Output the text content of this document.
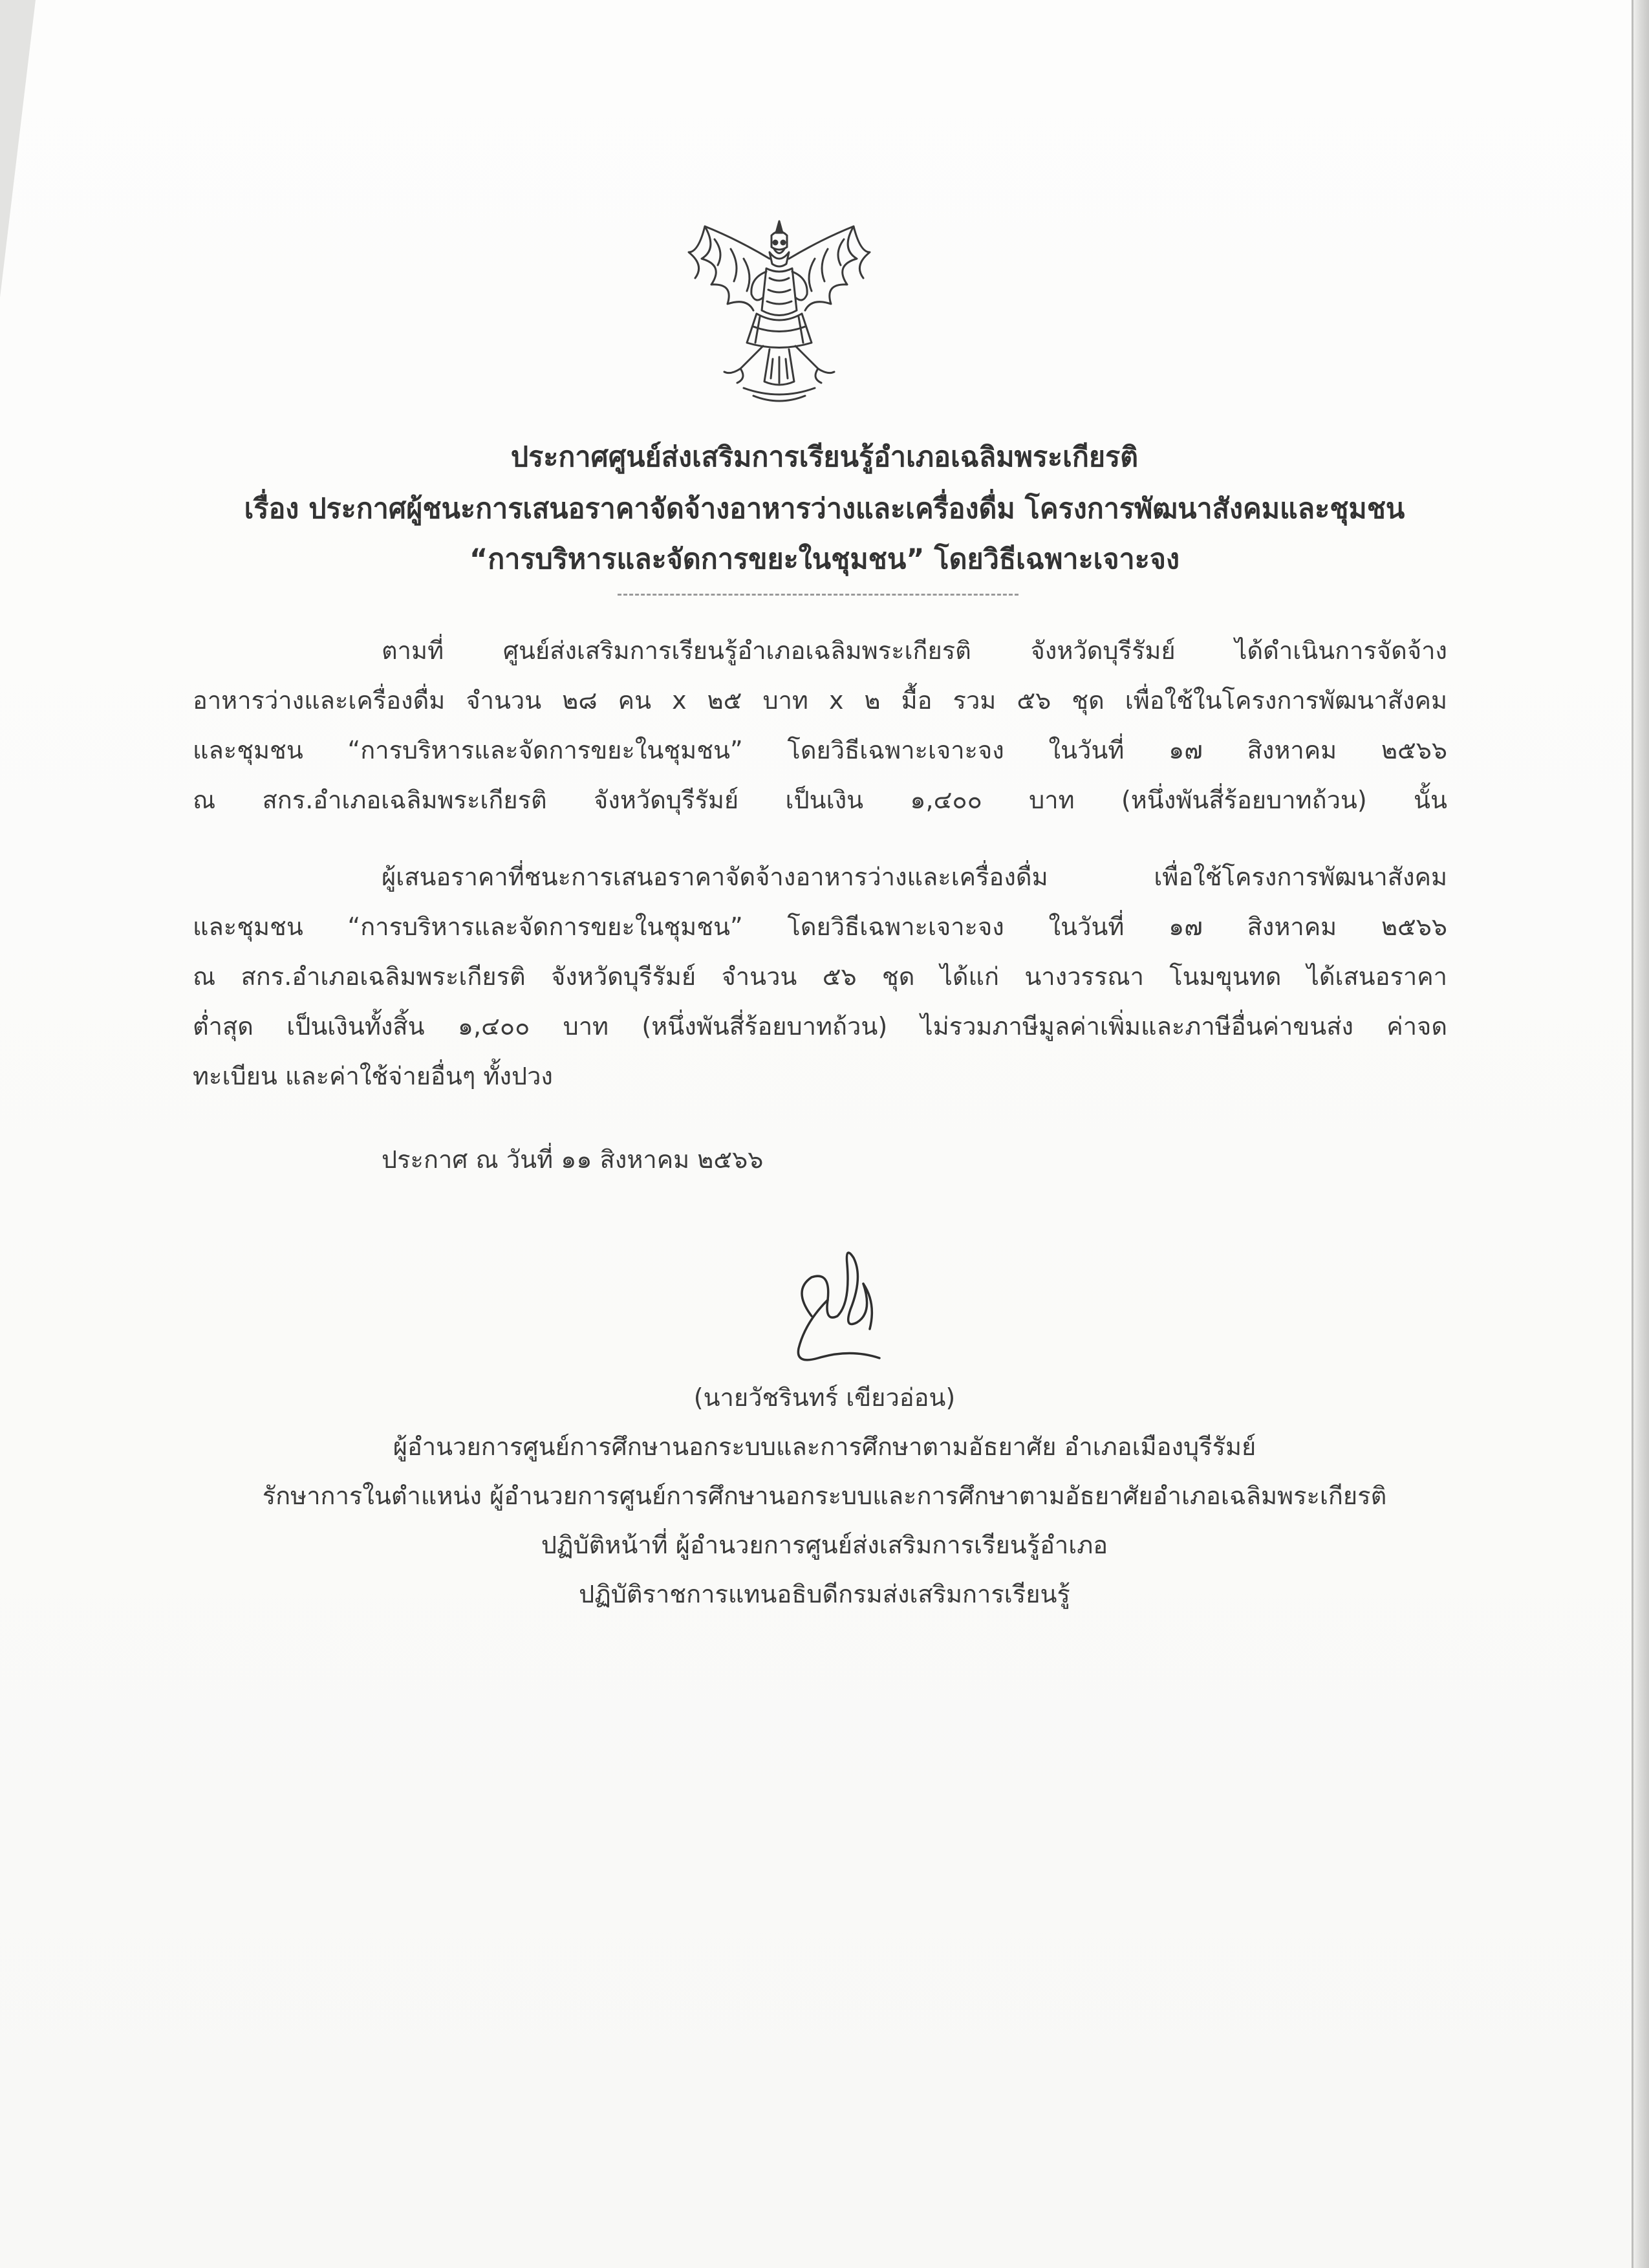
ประกาศศูนย์ส่งเสริมการเรียนรู้อำเภอเฉลิมพระเกียรติ
เรื่อง ประกาศผู้ชนะการเสนอราคาจัดจ้างอาหารว่างและเครื่องดื่ม โครงการพัฒนาสังคมและชุมชน
“การบริหารและจัดการขยะในชุมชน” โดยวิธีเฉพาะเจาะจง
ตามที่ ศูนย์ส่งเสริมการเรียนรู้อำเภอเฉลิมพระเกียรติ จังหวัดบุรีรัมย์ ได้ดำเนินการจัดจ้าง
อาหารว่างและเครื่องดื่ม จำนวน ๒๘ คน x ๒๕ บาท x ๒ มื้อ รวม ๕๖ ชุด เพื่อใช้ในโครงการพัฒนาสังคม
และชุมชน “การบริหารและจัดการขยะในชุมชน” โดยวิธีเฉพาะเจาะจง ในวันที่ ๑๗ สิงหาคม ๒๕๖๖
ณ สกร.อำเภอเฉลิมพระเกียรติ จังหวัดบุรีรัมย์ เป็นเงิน ๑,๔๐๐ บาท (หนึ่งพันสี่ร้อยบาทถ้วน) นั้น
ผู้เสนอราคาที่ชนะการเสนอราคาจัดจ้างอาหารว่างและเครื่องดื่ม เพื่อใช้โครงการพัฒนาสังคม
และชุมชน “การบริหารและจัดการขยะในชุมชน” โดยวิธีเฉพาะเจาะจง ในวันที่ ๑๗ สิงหาคม ๒๕๖๖
ณ สกร.อำเภอเฉลิมพระเกียรติ จังหวัดบุรีรัมย์ จำนวน ๕๖ ชุด ได้แก่ นางวรรณา โนมขุนทด ได้เสนอราคา
ต่ำสุด เป็นเงินทั้งสิ้น ๑,๔๐๐ บาท (หนึ่งพันสี่ร้อยบาทถ้วน) ไม่รวมภาษีมูลค่าเพิ่มและภาษีอื่นค่าขนส่ง ค่าจด
ทะเบียน และค่าใช้จ่ายอื่นๆ ทั้งปวง
ประกาศ ณ วันที่ ๑๑ สิงหาคม ๒๕๖๖
(นายวัชรินทร์ เขียวอ่อน)
ผู้อำนวยการศูนย์การศึกษานอกระบบและการศึกษาตามอัธยาศัย อำเภอเมืองบุรีรัมย์
รักษาการในตำแหน่ง ผู้อำนวยการศูนย์การศึกษานอกระบบและการศึกษาตามอัธยาศัยอำเภอเฉลิมพระเกียรติ
ปฏิบัติหน้าที่ ผู้อำนวยการศูนย์ส่งเสริมการเรียนรู้อำเภอ
ปฏิบัติราชการแทนอธิบดีกรมส่งเสริมการเรียนรู้
